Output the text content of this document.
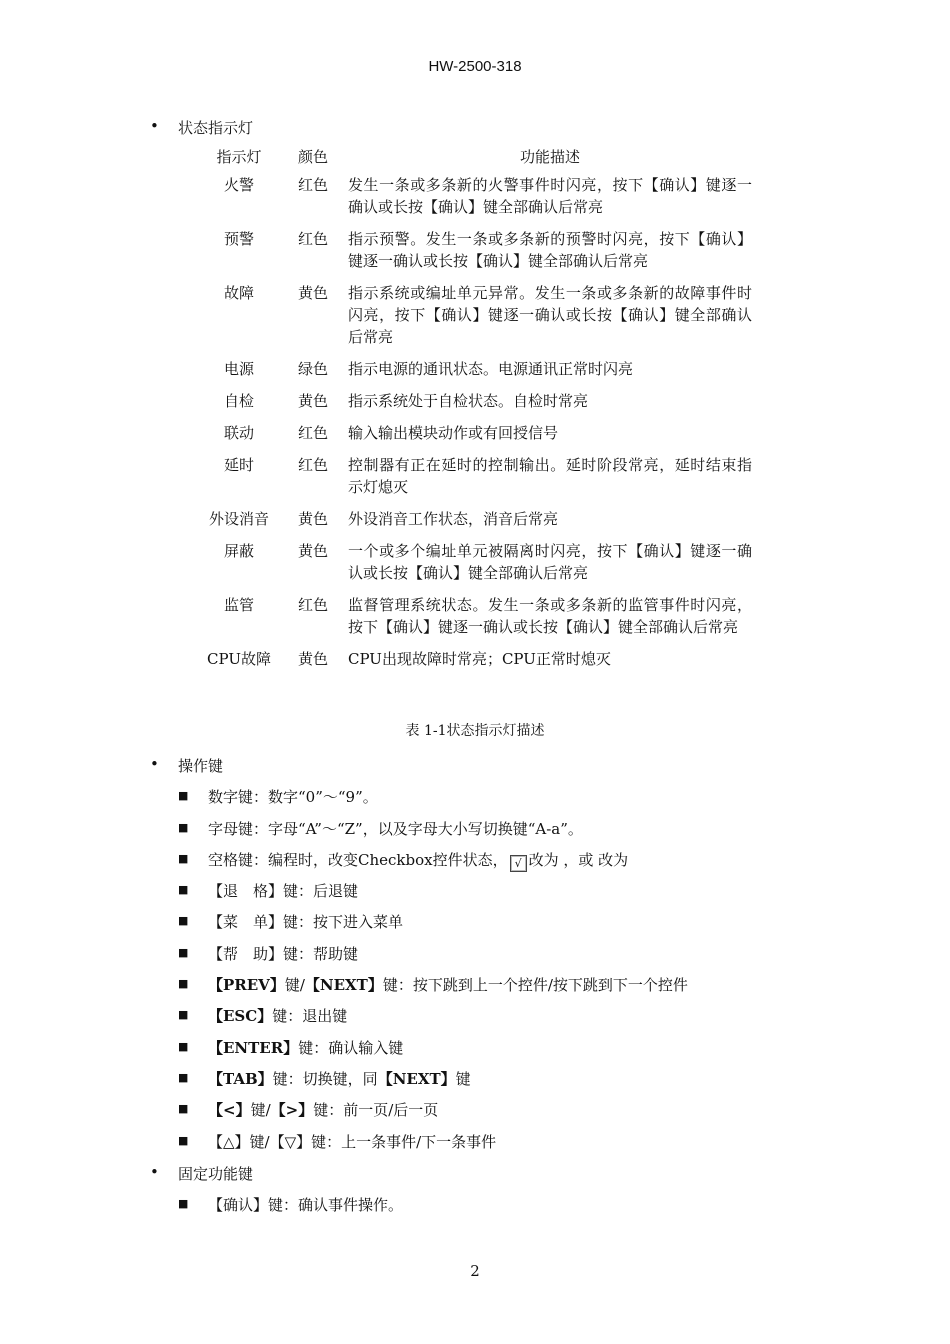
HW-2500-318
• 状态指示灯
指示灯	颜色	功能描述
火警	红色	发生一条或多条新的火警事件时闪亮，按下【确认】键逐一确认或长按【确认】键全部确认后常亮
预警	红色	指示预警。发生一条或多条新的预警时闪亮，按下【确认】键逐一确认或长按【确认】键全部确认后常亮
故障	黄色	指示系统或编址单元异常。发生一条或多条新的故障事件时闪亮，按下【确认】键逐一确认或长按【确认】键全部确认后常亮
电源	绿色	指示电源的通讯状态。电源通讯正常时闪亮
自检	黄色	指示系统处于自检状态。自检时常亮
联动	红色	输入输出模块动作或有回授信号
延时	红色	控制器有正在延时的控制输出。延时阶段常亮，延时结束指示灯熄灭
外设消音	黄色	外设消音工作状态，消音后常亮
屏蔽	黄色	一个或多个编址单元被隔离时闪亮，按下【确认】键逐一确认或长按【确认】键全部确认后常亮
监管	红色	监督管理系统状态。发生一条或多条新的监管事件时闪亮，按下【确认】键逐一确认或长按【确认】键全部确认后常亮
CPU故障	黄色	CPU出现故障时常亮；CPU正常时熄灭
表 1-1状态指示灯描述
• 操作键
■ 数字键：数字“0”～“9”。
■ 字母键：字母“A”～“Z”，以及字母大小写切换键“A-a”。
■ 空格键：编程时，改变Checkbox控件状态， √ 改为 ，或 改为
■ 【退　格】键：后退键
■ 【菜　单】键：按下进入菜单
■ 【帮　助】键：帮助键
■ 【PREV】键/【NEXT】键：按下跳到上一个控件/按下跳到下一个控件
■ 【ESC】键：退出键
■ 【ENTER】键：确认输入键
■ 【TAB】键：切换键，同【NEXT】键
■ 【<】键/【>】键：前一页/后一页
■ 【△】键/【▽】键：上一条事件/下一条事件
• 固定功能键
■ 【确认】键：确认事件操作。
2
